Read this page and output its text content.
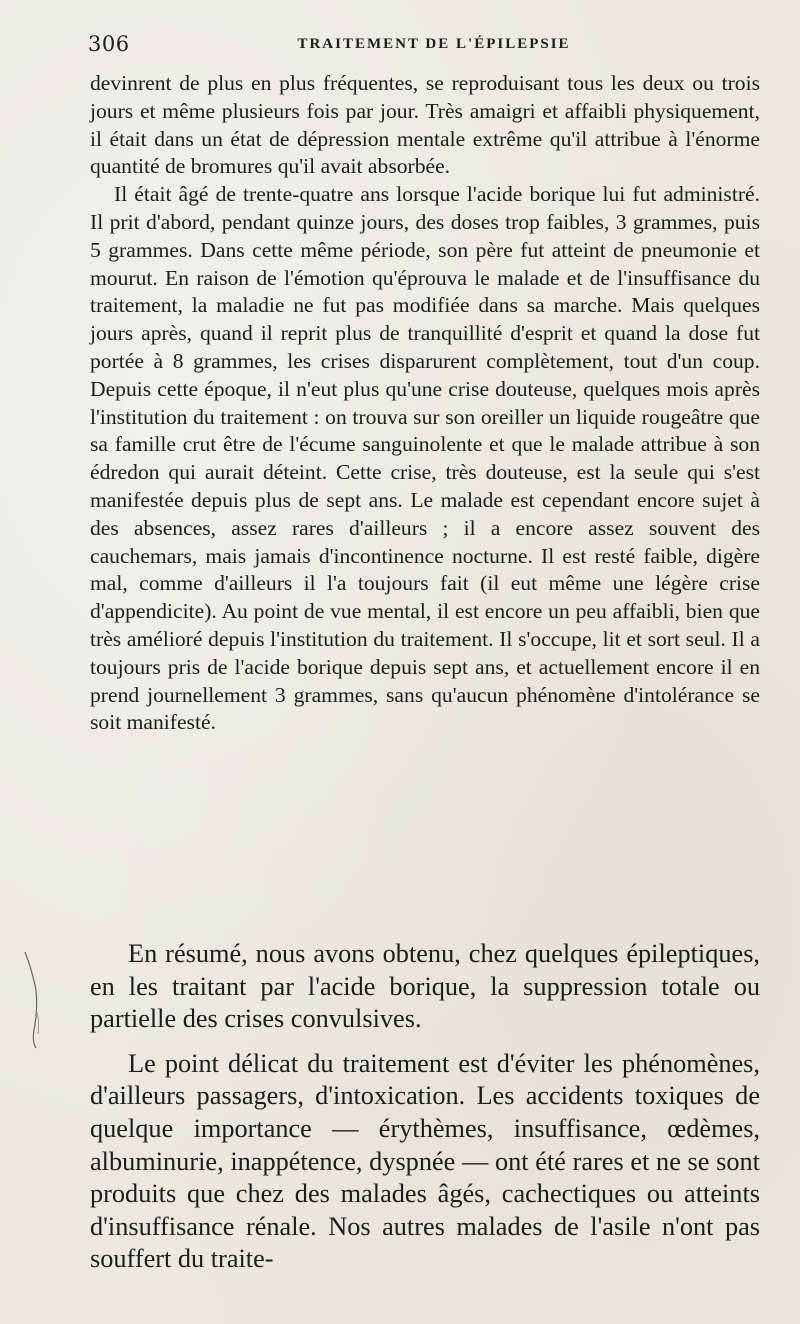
306	TRAITEMENT DE L'ÉPILEPSIE

devinrent de plus en plus fréquentes, se reproduisant tous les deux ou trois jours et même plusieurs fois par jour. Très amaigri et affaibli physiquement, il était dans un état de dépression mentale extrême qu'il attribue à l'énorme quantité de bromures qu'il avait absorbée.

Il était âgé de trente-quatre ans lorsque l'acide borique lui fut administré. Il prit d'abord, pendant quinze jours, des doses trop faibles, 3 grammes, puis 5 grammes. Dans cette même période, son père fut atteint de pneumonie et mourut. En raison de l'émotion qu'éprouva le malade et de l'insuffisance du traitement, la maladie ne fut pas modifiée dans sa marche. Mais quelques jours après, quand il reprit plus de tranquillité d'esprit et quand la dose fut portée à 8 grammes, les crises disparurent complètement, tout d'un coup. Depuis cette époque, il n'eut plus qu'une crise douteuse, quelques mois après l'institution du traitement : on trouva sur son oreiller un liquide rougeâtre que sa famille crut être de l'écume sanguinolente et que le malade attribue à son édredon qui aurait déteint. Cette crise, très douteuse, est la seule qui s'est manifestée depuis plus de sept ans. Le malade est cependant encore sujet à des absences, assez rares d'ailleurs ; il a encore assez souvent des cauchemars, mais jamais d'incontinence nocturne. Il est resté faible, digère mal, comme d'ailleurs il l'a toujours fait (il eut même une légère crise d'appendicite). Au point de vue mental, il est encore un peu affaibli, bien que très amélioré depuis l'institution du traitement. Il s'occupe, lit et sort seul. Il a toujours pris de l'acide borique depuis sept ans, et actuellement encore il en prend journellement 3 grammes, sans qu'aucun phénomène d'intolérance se soit manifesté.

En résumé, nous avons obtenu, chez quelques épileptiques, en les traitant par l'acide borique, la suppression totale ou partielle des crises convulsives.

Le point délicat du traitement est d'éviter les phénomènes, d'ailleurs passagers, d'intoxication. Les accidents toxiques de quelque importance — érythèmes, insuffisance, œdèmes, albuminurie, inappétence, dyspnée — ont été rares et ne se sont produits que chez des malades âgés, cachectiques ou atteints d'insuffisance rénale. Nos autres malades de l'asile n'ont pas souffert du traite-
